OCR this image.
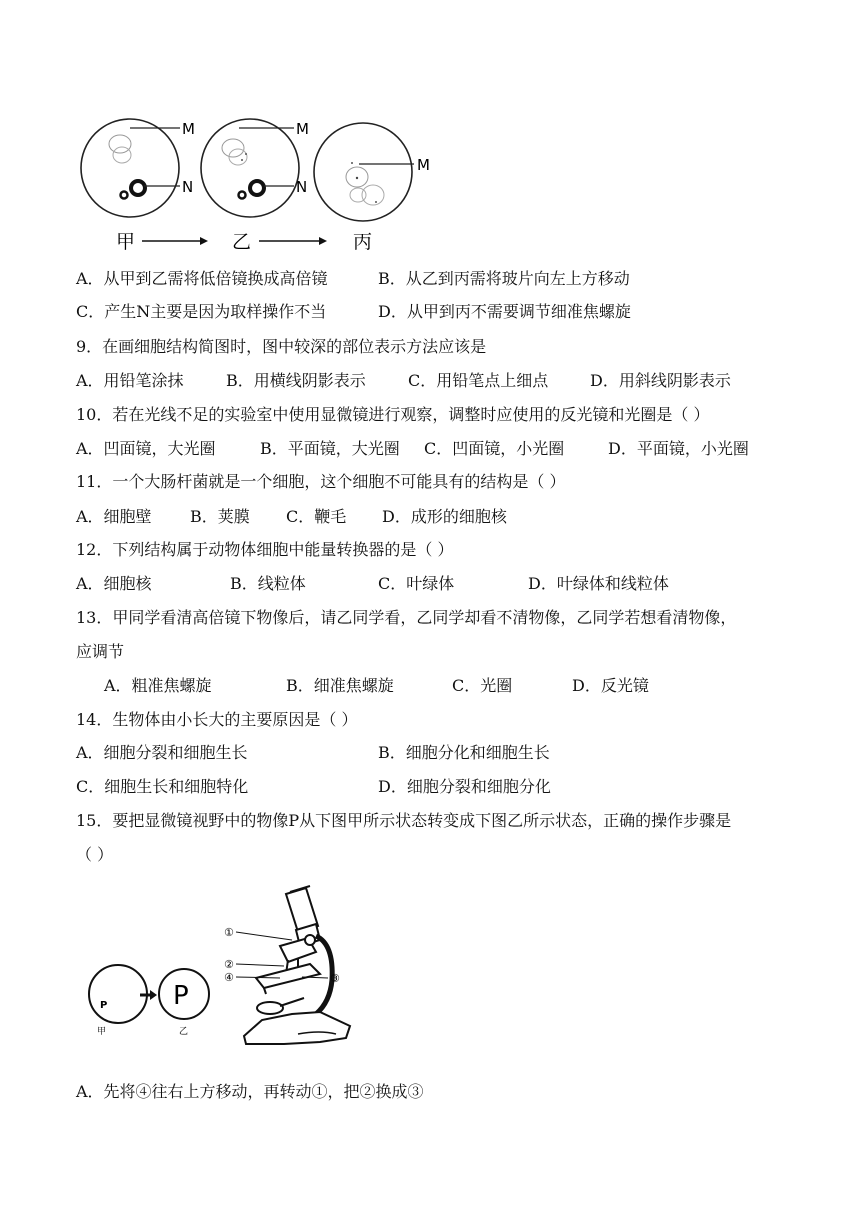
M
N
M
N
M
甲	乙	丙
A．从甲到乙需将低倍镜换成高倍镜	B．从乙到丙需将玻片向左上方移动
C．产生N主要是因为取样操作不当	D．从甲到丙不需要调节细准焦螺旋
9．在画细胞结构简图时，图中较深的部位表示方法应该是
A．用铅笔涂抹	B．用横线阴影表示	C．用铅笔点上细点	D．用斜线阴影表示
10．若在光线不足的实验室中使用显微镜进行观察，调整时应使用的反光镜和光圈是（ ）
A．凹面镜，大光圈	B．平面镜，大光圈 C．凹面镜，小光圈	D．平面镜，小光圈
11．一个大肠杆菌就是一个细胞，这个细胞不可能具有的结构是（ ）
A．细胞壁 B．荚膜 C．鞭毛 D．成形的细胞核
12．下列结构属于动物体细胞中能量转换器的是（ ）
A．细胞核	B．线粒体	C．叶绿体	D．叶绿体和线粒体
13．甲同学看清高倍镜下物像后，请乙同学看，乙同学却看不清物像，乙同学若想看清物像，
应调节
A．粗准焦螺旋	B．细准焦螺旋	C．光圈	D．反光镜
14．生物体由小长大的主要原因是（ ）
A．细胞分裂和细胞生长	B．细胞分化和细胞生长
C．细胞生长和细胞特化	D．细胞分裂和细胞分化
15．要把显微镜视野中的物像P从下图甲所示状态转变成下图乙所示状态，正确的操作步骤是
（ ）
P
甲
P
乙
①
②
④	③
A．先将④往右上方移动，再转动①，把②换成③
